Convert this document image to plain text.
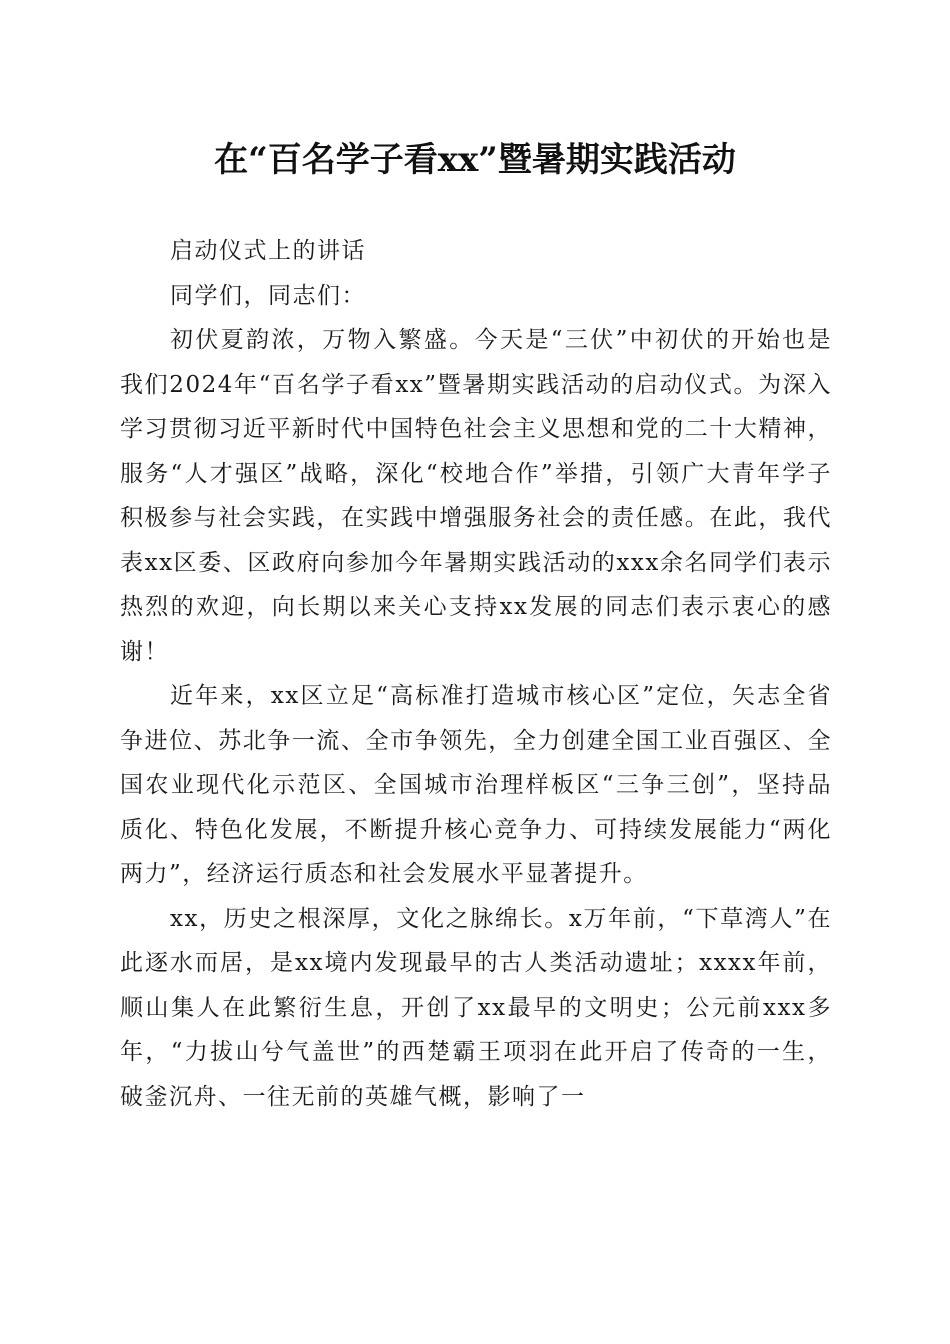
在“百名学子看xx”暨暑期实践活动

启动仪式上的讲话

同学们，同志们：

初伏夏韵浓，万物入繁盛。今天是“三伏”中初伏的开始也是我们2024年“百名学子看xx”暨暑期实践活动的启动仪式。为深入学习贯彻习近平新时代中国特色社会主义思想和党的二十大精神，服务“人才强区”战略，深化“校地合作”举措，引领广大青年学子积极参与社会实践，在实践中增强服务社会的责任感。在此，我代表xx区委、区政府向参加今年暑期实践活动的xxx余名同学们表示热烈的欢迎，向长期以来关心支持xx发展的同志们表示衷心的感谢！

近年来，xx区立足“高标准打造城市核心区”定位，矢志全省争进位、苏北争一流、全市争领先，全力创建全国工业百强区、全国农业现代化示范区、全国城市治理样板区“三争三创”，坚持品质化、特色化发展，不断提升核心竞争力、可持续发展能力“两化两力”，经济运行质态和社会发展水平显著提升。

xx，历史之根深厚，文化之脉绵长。x万年前，“下草湾人”在此逐水而居，是xx境内发现最早的古人类活动遗址；xxxx年前，顺山集人在此繁衍生息，开创了xx最早的文明史；公元前xxx多年，“力拔山兮气盖世”的西楚霸王项羽在此开启了传奇的一生，破釜沉舟、一往无前的英雄气概，影响了一
